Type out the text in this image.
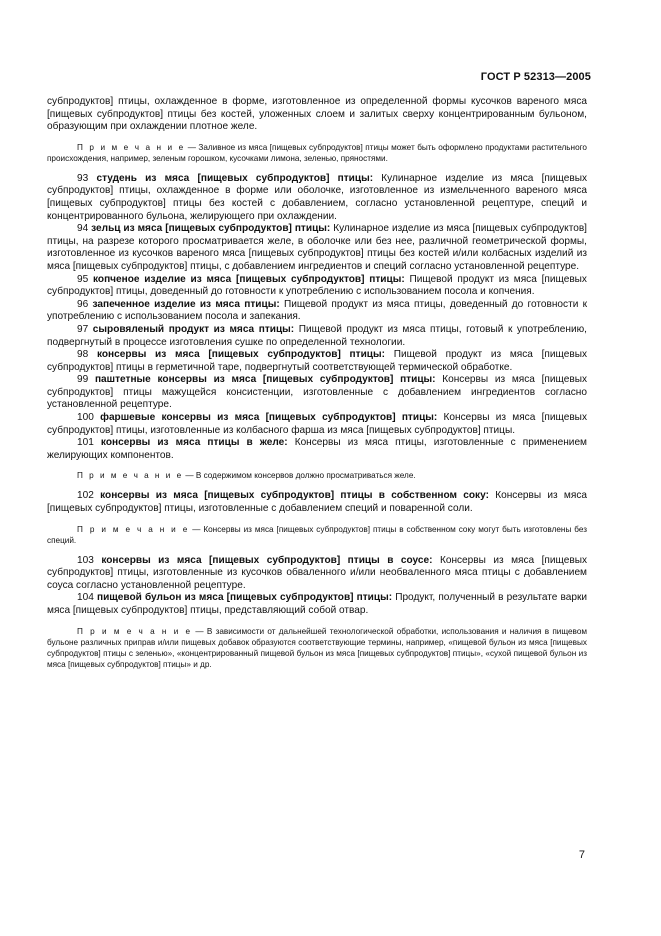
ГОСТ Р 52313—2005

субпродуктов] птицы, охлажденное в форме, изготовленное из определенной формы кусочков вареного мяса [пищевых субпродуктов] птицы без костей, уложенных слоем и залитых сверху концентрированным бульоном, образующим при охлаждении плотное желе.

П р и м е ч а н и е — Заливное из мяса [пищевых субпродуктов] птицы может быть оформлено продуктами растительного происхождения, например, зеленым горошком, кусочками лимона, зеленью, пряностями.

93 студень из мяса [пищевых субпродуктов] птицы: Кулинарное изделие из мяса [пищевых субпродуктов] птицы, охлажденное в форме или оболочке, изготовленное из измельченного вареного мяса [пищевых субпродуктов] птицы без костей с добавлением, согласно установленной рецептуре, специй и концентрированного бульона, желирующего при охлаждении.

94 зельц из мяса [пищевых субпродуктов] птицы: Кулинарное изделие из мяса [пищевых субпродуктов] птицы, на разрезе которого просматривается желе, в оболочке или без нее, различной геометрической формы, изготовленное из кусочков вареного мяса [пищевых субпродуктов] птицы без костей и/или колбасных изделий из мяса [пищевых субпродуктов] птицы, с добавлением ингредиентов и специй согласно установленной рецептуре.

95 копченое изделие из мяса [пищевых субпродуктов] птицы: Пищевой продукт из мяса [пищевых субпродуктов] птицы, доведенный до готовности к употреблению с использованием посола и копчения.

96 запеченное изделие из мяса птицы: Пищевой продукт из мяса птицы, доведенный до готовности к употреблению с использованием посола и запекания.

97 сыровяленый продукт из мяса птицы: Пищевой продукт из мяса птицы, готовый к употреблению, подвергнутый в процессе изготовления сушке по определенной технологии.

98 консервы из мяса [пищевых субпродуктов] птицы: Пищевой продукт из мяса [пищевых субпродуктов] птицы в герметичной таре, подвергнутый соответствующей термической обработке.

99 паштетные консервы из мяса [пищевых субпродуктов] птицы: Консервы из мяса [пищевых субпродуктов] птицы мажущейся консистенции, изготовленные с добавлением ингредиентов согласно установленной рецептуре.

100 фаршевые консервы из мяса [пищевых субпродуктов] птицы: Консервы из мяса [пищевых субпродуктов] птицы, изготовленные из колбасного фарша из мяса [пищевых субпродуктов] птицы.

101 консервы из мяса птицы в желе: Консервы из мяса птицы, изготовленные с применением желирующих компонентов.

П р и м е ч а н и е — В содержимом консервов должно просматриваться желе.

102 консервы из мяса [пищевых субпродуктов] птицы в собственном соку: Консервы из мяса [пищевых субпродуктов] птицы, изготовленные с добавлением специй и поваренной соли.

П р и м е ч а н и е — Консервы из мяса [пищевых субпродуктов] птицы в собственном соку могут быть изготовлены без специй.

103 консервы из мяса [пищевых субпродуктов] птицы в соусе: Консервы из мяса [пищевых субпродуктов] птицы, изготовленные из кусочков обваленного и/или необваленного мяса птицы с добавлением соуса согласно установленной рецептуре.

104 пищевой бульон из мяса [пищевых субпродуктов] птицы: Продукт, полученный в результате варки мяса [пищевых субпродуктов] птицы, представляющий собой отвар.

П р и м е ч а н и е — В зависимости от дальнейшей технологической обработки, использования и наличия в пищевом бульоне различных приправ и/или пищевых добавок образуются соответствующие термины, например, «пищевой бульон из мяса [пищевых субпродуктов] птицы с зеленью», «концентрированный пищевой бульон из мяса [пищевых субпродуктов] птицы», «сухой пищевой бульон из мяса [пищевых субпродуктов] птицы» и др.

7
